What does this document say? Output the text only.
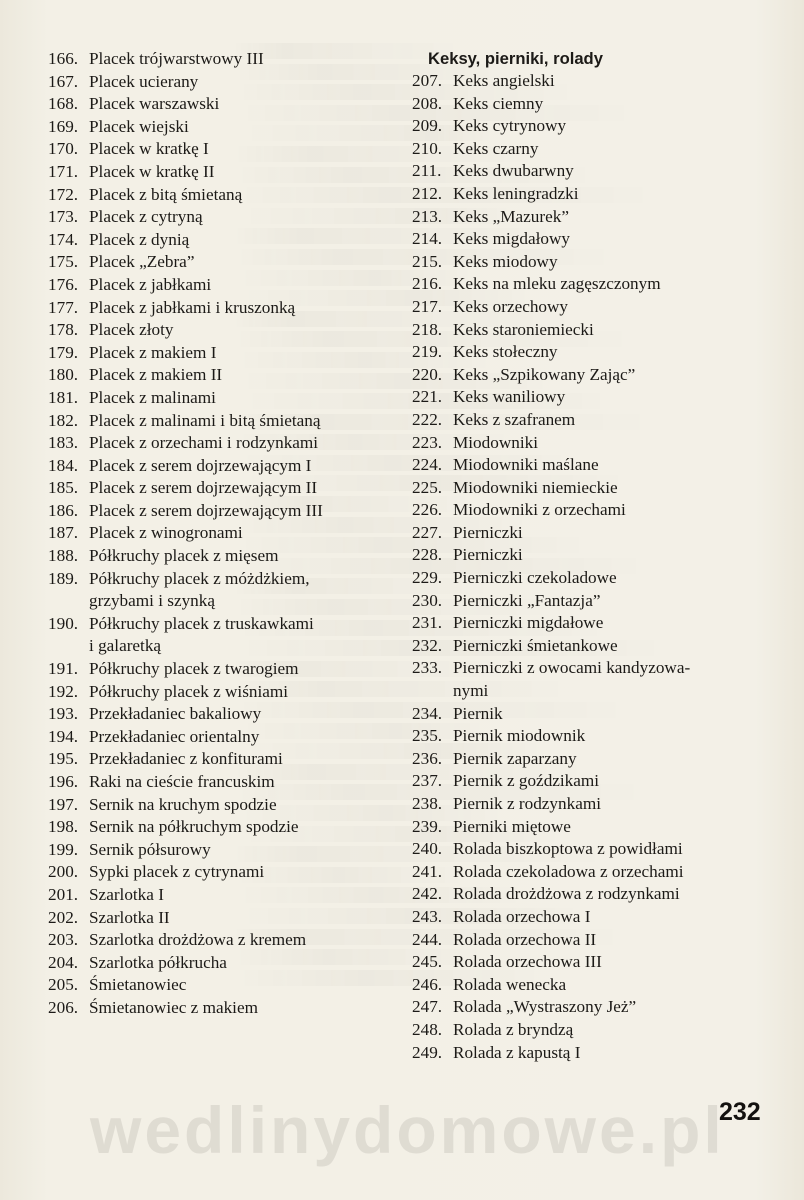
166. Placek trójwarstwowy III
167. Placek ucierany
168. Placek warszawski
169. Placek wiejski
170. Placek w kratkę I
171. Placek w kratkę II
172. Placek z bitą śmietaną
173. Placek z cytryną
174. Placek z dynią
175. Placek „Zebra”
176. Placek z jabłkami
177. Placek z jabłkami i kruszonką
178. Placek złoty
179. Placek z makiem I
180. Placek z makiem II
181. Placek z malinami
182. Placek z malinami i bitą śmietaną
183. Placek z orzechami i rodzynkami
184. Placek z serem dojrzewającym I
185. Placek z serem dojrzewającym II
186. Placek z serem dojrzewającym III
187. Placek z winogronami
188. Półkruchy placek z mięsem
189. Półkruchy placek z móżdżkiem,
grzybami i szynką
190. Półkruchy placek z truskawkami
i galaretką
191. Półkruchy placek z twarogiem
192. Półkruchy placek z wiśniami
193. Przekładaniec bakaliowy
194. Przekładaniec orientalny
195. Przekładaniec z konfiturami
196. Raki na cieście francuskim
197. Sernik na kruchym spodzie
198. Sernik na półkruchym spodzie
199. Sernik półsurowy
200. Sypki placek z cytrynami
201. Szarlotka I
202. Szarlotka II
203. Szarlotka drożdżowa z kremem
204. Szarlotka półkrucha
205. Śmietanowiec
206. Śmietanowiec z makiem
Keksy, pierniki, rolady
207. Keks angielski
208. Keks ciemny
209. Keks cytrynowy
210. Keks czarny
211. Keks dwubarwny
212. Keks leningradzki
213. Keks „Mazurek”
214. Keks migdałowy
215. Keks miodowy
216. Keks na mleku zagęszczonym
217. Keks orzechowy
218. Keks staroniemiecki
219. Keks stołeczny
220. Keks „Szpikowany Zając”
221. Keks waniliowy
222. Keks z szafranem
223. Miodowniki
224. Miodowniki maślane
225. Miodowniki niemieckie
226. Miodowniki z orzechami
227. Pierniczki
228. Pierniczki
229. Pierniczki czekoladowe
230. Pierniczki „Fantazja”
231. Pierniczki migdałowe
232. Pierniczki śmietankowe
233. Pierniczki z owocami kandyzowa-
nymi
234. Piernik
235. Piernik miodownik
236. Piernik zaparzany
237. Piernik z goździkami
238. Piernik z rodzynkami
239. Pierniki miętowe
240. Rolada biszkoptowa z powidłami
241. Rolada czekoladowa z orzechami
242. Rolada drożdżowa z rodzynkami
243. Rolada orzechowa I
244. Rolada orzechowa II
245. Rolada orzechowa III
246. Rolada wenecka
247. Rolada „Wystraszony Jeż”
248. Rolada z bryndzą
249. Rolada z kapustą I
wedlinydomowe.pl
232
